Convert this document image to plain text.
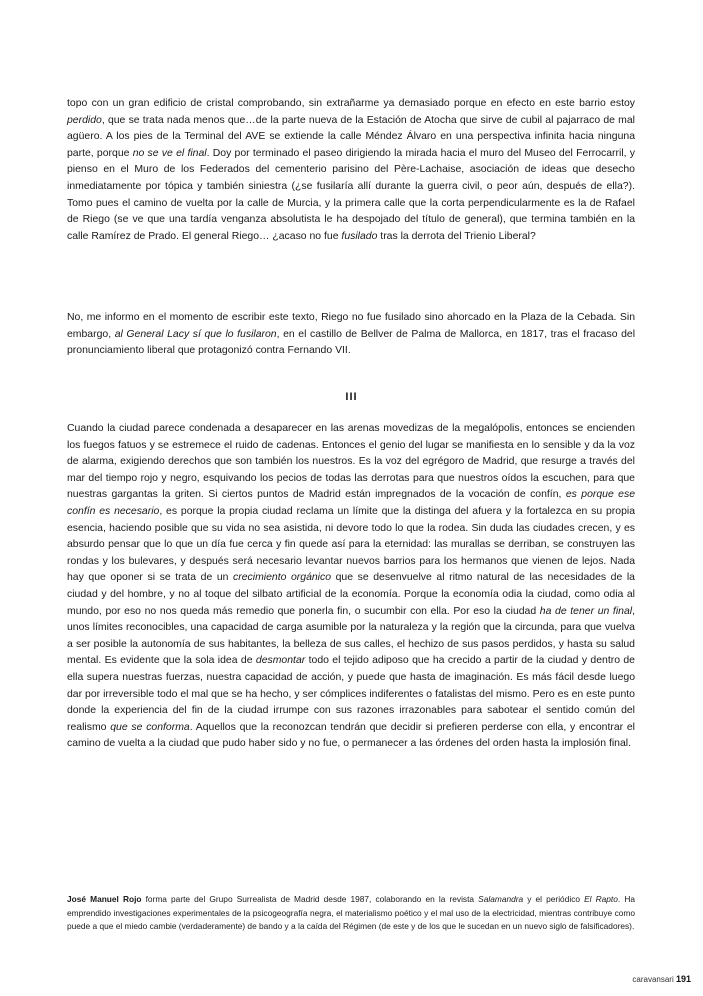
topo con un gran edificio de cristal comprobando, sin extrañarme ya demasiado porque en efecto en este barrio estoy perdido, que se trata nada menos que…de la parte nueva de la Estación de Atocha que sirve de cubil al pajarraco de mal agüero. A los pies de la Terminal del AVE se extiende la calle Méndez Álvaro en una perspectiva infinita hacia ninguna parte, porque no se ve el final. Doy por terminado el paseo dirigiendo la mirada hacia el muro del Museo del Ferrocarril, y pienso en el Muro de los Federados del cementerio parisino del Père-Lachaise, asociación de ideas que desecho inmediatamente por tópica y también siniestra (¿se fusilaría allí durante la guerra civil, o peor aún, después de ella?). Tomo pues el camino de vuelta por la calle de Murcia, y la primera calle que la corta perpendicularmente es la de Rafael de Riego (se ve que una tardía venganza absolutista le ha despojado del título de general), que termina también en la calle Ramírez de Prado. El general Riego… ¿acaso no fue fusilado tras la derrota del Trienio Liberal?

No, me informo en el momento de escribir este texto, Riego no fue fusilado sino ahorcado en la Plaza de la Cebada. Sin embargo, al General Lacy sí que lo fusilaron, en el castillo de Bellver de Palma de Mallorca, en 1817, tras el fracaso del pronunciamiento liberal que protagonizó contra Fernando VII.

III

Cuando la ciudad parece condenada a desaparecer en las arenas movedizas de la megalópolis, entonces se encienden los fuegos fatuos y se estremece el ruido de cadenas. Entonces el genio del lugar se manifiesta en lo sensible y da la voz de alarma, exigiendo derechos que son también los nuestros. Es la voz del egrégoro de Madrid, que resurge a través del mar del tiempo rojo y negro, esquivando los pecios de todas las derrotas para que nuestros oídos la escuchen, para que nuestras gargantas la griten. Si ciertos puntos de Madrid están impregnados de la vocación de confín, es porque ese confín es necesario, es porque la propia ciudad reclama un límite que la distinga del afuera y la fortalezca en su propia esencia, haciendo posible que su vida no sea asistida, ni devore todo lo que la rodea. Sin duda las ciudades crecen, y es absurdo pensar que lo que un día fue cerca y fin quede así para la eternidad: las murallas se derriban, se construyen las rondas y los bulevares, y después será necesario levantar nuevos barrios para los hermanos que vienen de lejos. Nada hay que oponer si se trata de un crecimiento orgánico que se desenvuelve al ritmo natural de las necesidades de la ciudad y del hombre, y no al toque del silbato artificial de la economía. Porque la economía odia la ciudad, como odia al mundo, por eso no nos queda más remedio que ponerla fin, o sucumbir con ella. Por eso la ciudad ha de tener un final, unos límites reconocibles, una capacidad de carga asumible por la naturaleza y la región que la circunda, para que vuelva a ser posible la autonomía de sus habitantes, la belleza de sus calles, el hechizo de sus pasos perdidos, y hasta su salud mental. Es evidente que la sola idea de desmontar todo el tejido adiposo que ha crecido a partir de la ciudad y dentro de ella supera nuestras fuerzas, nuestra capacidad de acción, y puede que hasta de imaginación. Es más fácil desde luego dar por irreversible todo el mal que se ha hecho, y ser cómplices indiferentes o fatalistas del mismo. Pero es en este punto donde la experiencia del fin de la ciudad irrumpe con sus razones irrazonables para sabotear el sentido común del realismo que se conforma. Aquellos que la reconozcan tendrán que decidir si prefieren perderse con ella, y encontrar el camino de vuelta a la ciudad que pudo haber sido y no fue, o permanecer a las órdenes del orden hasta la implosión final.

José Manuel Rojo forma parte del Grupo Surrealista de Madrid desde 1987, colaborando en la revista Salamandra y el periódico El Rapto. Ha emprendido investigaciones experimentales de la psicogeografía negra, el materialismo poético y el mal uso de la electricidad, mientras contribuye como puede a que el miedo cambie (verdaderamente) de bando y a la caída del Régimen (de este y de los que le sucedan en un nuevo siglo de falsificadores).

caravansari 191
